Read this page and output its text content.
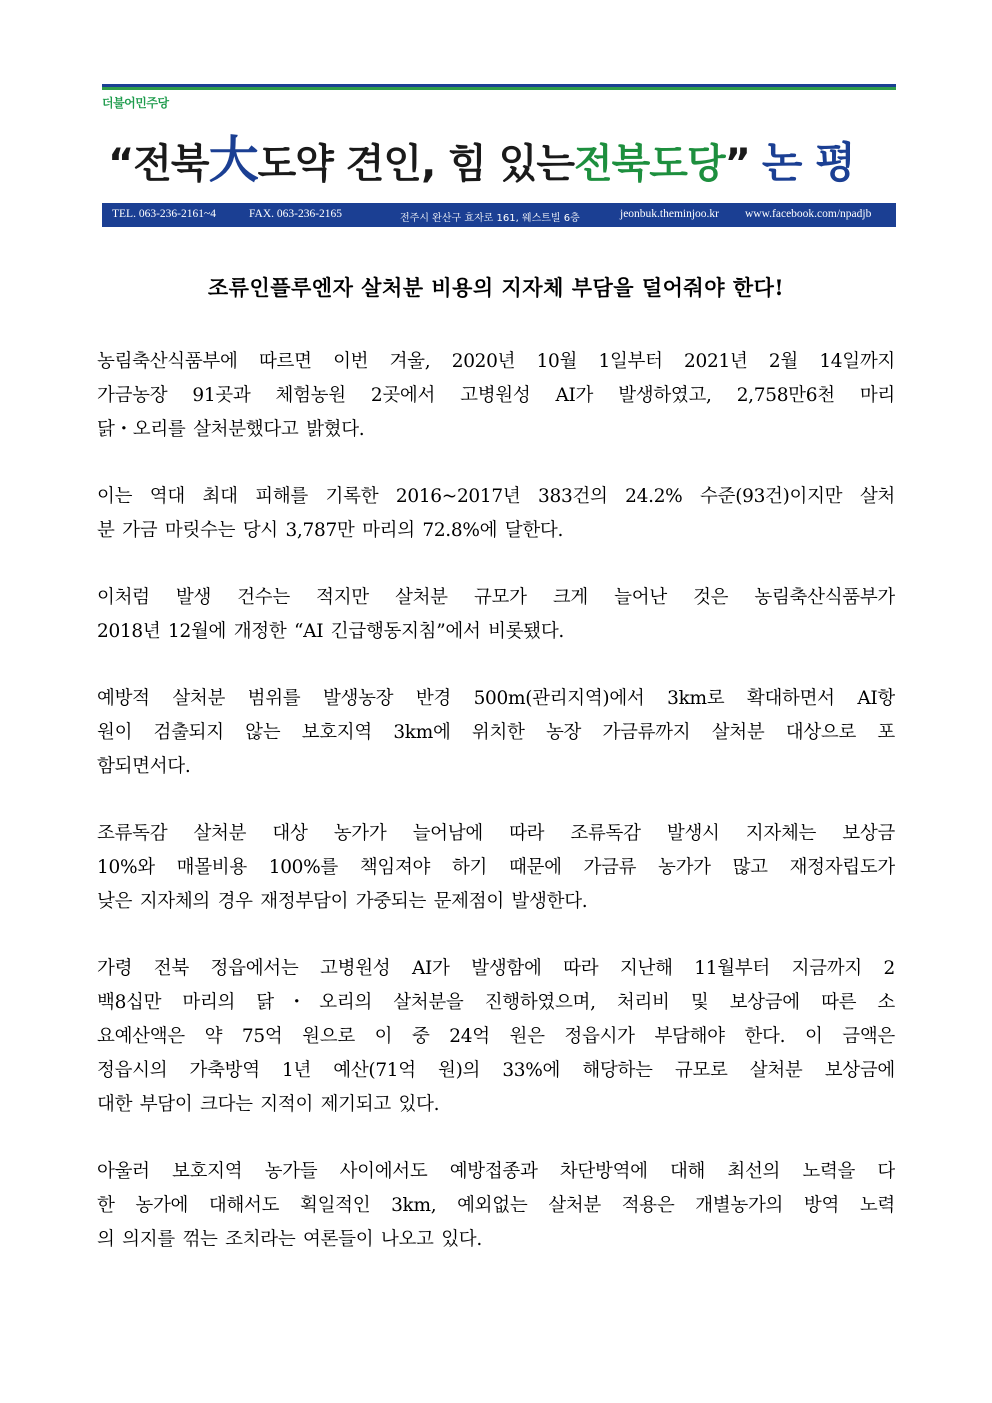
더불어민주당
“전북大도약 견인, 힘 있는전북도당” 논 평
TEL. 063-236-2161~4	FAX. 063-236-2165	전주시 완산구 효자로 161, 웨스트빌 6층	jeonbuk.theminjoo.kr www.facebook.com/npadjb
조류인플루엔자 살처분 비용의 지자체 부담을 덜어줘야 한다!
농림축산식품부에 따르면 이번 겨울, 2020년 10월 1일부터 2021년 2월 14일까지
가금농장 91곳과 체험농원 2곳에서 고병원성 AI가 발생하였고, 2,758만6천 마리
닭・오리를 살처분했다고 밝혔다.
이는 역대 최대 피해를 기록한 2016~2017년 383건의 24.2% 수준(93건)이지만 살처
분 가금 마릿수는 당시 3,787만 마리의 72.8%에 달한다.
이처럼 발생 건수는 적지만 살처분 규모가 크게 늘어난 것은 농림축산식품부가
2018년 12월에 개정한 “AI 긴급행동지침”에서 비롯됐다.
예방적 살처분 범위를 발생농장 반경 500m(관리지역)에서 3km로 확대하면서 AI항
원이 검출되지 않는 보호지역 3km에 위치한 농장 가금류까지 살처분 대상으로 포
함되면서다.
조류독감 살처분 대상 농가가 늘어남에 따라 조류독감 발생시 지자체는 보상금
10%와 매몰비용 100%를 책임져야 하기 때문에 가금류 농가가 많고 재정자립도가
낮은 지자체의 경우 재정부담이 가중되는 문제점이 발생한다.
가령 전북 정읍에서는 고병원성 AI가 발생함에 따라 지난해 11월부터 지금까지 2
백8십만 마리의 닭・오리의 살처분을 진행하였으며, 처리비 및 보상금에 따른 소
요예산액은 약 75억 원으로 이 중 24억 원은 정읍시가 부담해야 한다. 이 금액은
정읍시의 가축방역 1년 예산(71억 원)의 33%에 해당하는 규모로 살처분 보상금에
대한 부담이 크다는 지적이 제기되고 있다.
아울러 보호지역 농가들 사이에서도 예방접종과 차단방역에 대해 최선의 노력을 다
한 농가에 대해서도 획일적인 3km, 예외없는 살처분 적용은 개별농가의 방역 노력
의 의지를 꺾는 조치라는 여론들이 나오고 있다.
